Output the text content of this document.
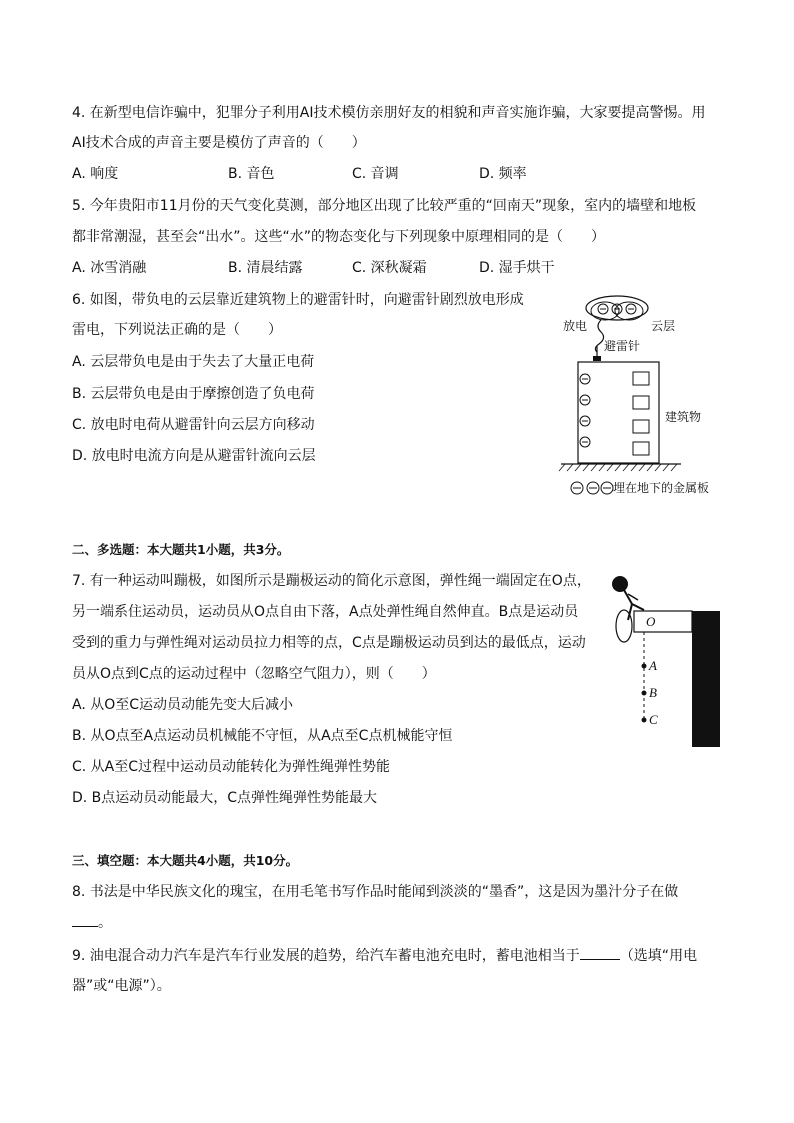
4. 在新型电信诈骗中，犯罪分子利用AI技术模仿亲朋好友的相貌和声音实施诈骗，大家要提高警惕。用
AI技术合成的声音主要是模仿了声音的（　　）
A. 响度	B. 音色	C. 音调	D. 频率
5. 今年贵阳市11月份的天气变化莫测，部分地区出现了比较严重的“回南天”现象，室内的墙壁和地板
都非常潮湿，甚至会“出水”。这些“水”的物态变化与下列现象中原理相同的是（　　）
A. 冰雪消融	B. 清晨结露	C. 深秋凝霜	D. 湿手烘干
6. 如图，带负电的云层靠近建筑物上的避雷针时，向避雷针剧烈放电形成
雷电，下列说法正确的是（　　）
A. 云层带负电是由于失去了大量正电荷
B. 云层带负电是由于摩擦创造了负电荷
C. 放电时电荷从避雷针向云层方向移动
D. 放电时电流方向是从避雷针流向云层
放电	云层
避雷针
建筑物
埋在地下的金属板
二、多选题：本大题共1小题，共3分。
7. 有一种运动叫蹦极，如图所示是蹦极运动的简化示意图，弹性绳一端固定在O点，
另一端系住运动员，运动员从O点自由下落，A点处弹性绳自然伸直。B点是运动员
受到的重力与弹性绳对运动员拉力相等的点，C点是蹦极运动员到达的最低点，运动
员从O点到C点的运动过程中（忽略空气阻力），则（　　）
A. 从O至C运动员动能先变大后减小
B. 从O点至A点运动员机械能不守恒，从A点至C点机械能守恒
C. 从A至C过程中运动员动能转化为弹性绳弹性势能
D. B点运动员动能最大，C点弹性绳弹性势能最大
O
A
B
C
三、填空题：本大题共4小题，共10分。
8. 书法是中华民族文化的瑰宝，在用毛笔书写作品时能闻到淡淡的“墨香”，这是因为墨汁分子在做
。
9. 油电混合动力汽车是汽车行业发展的趋势，给汽车蓄电池充电时，蓄电池相当于	（选填“用电
器”或“电源”）。
